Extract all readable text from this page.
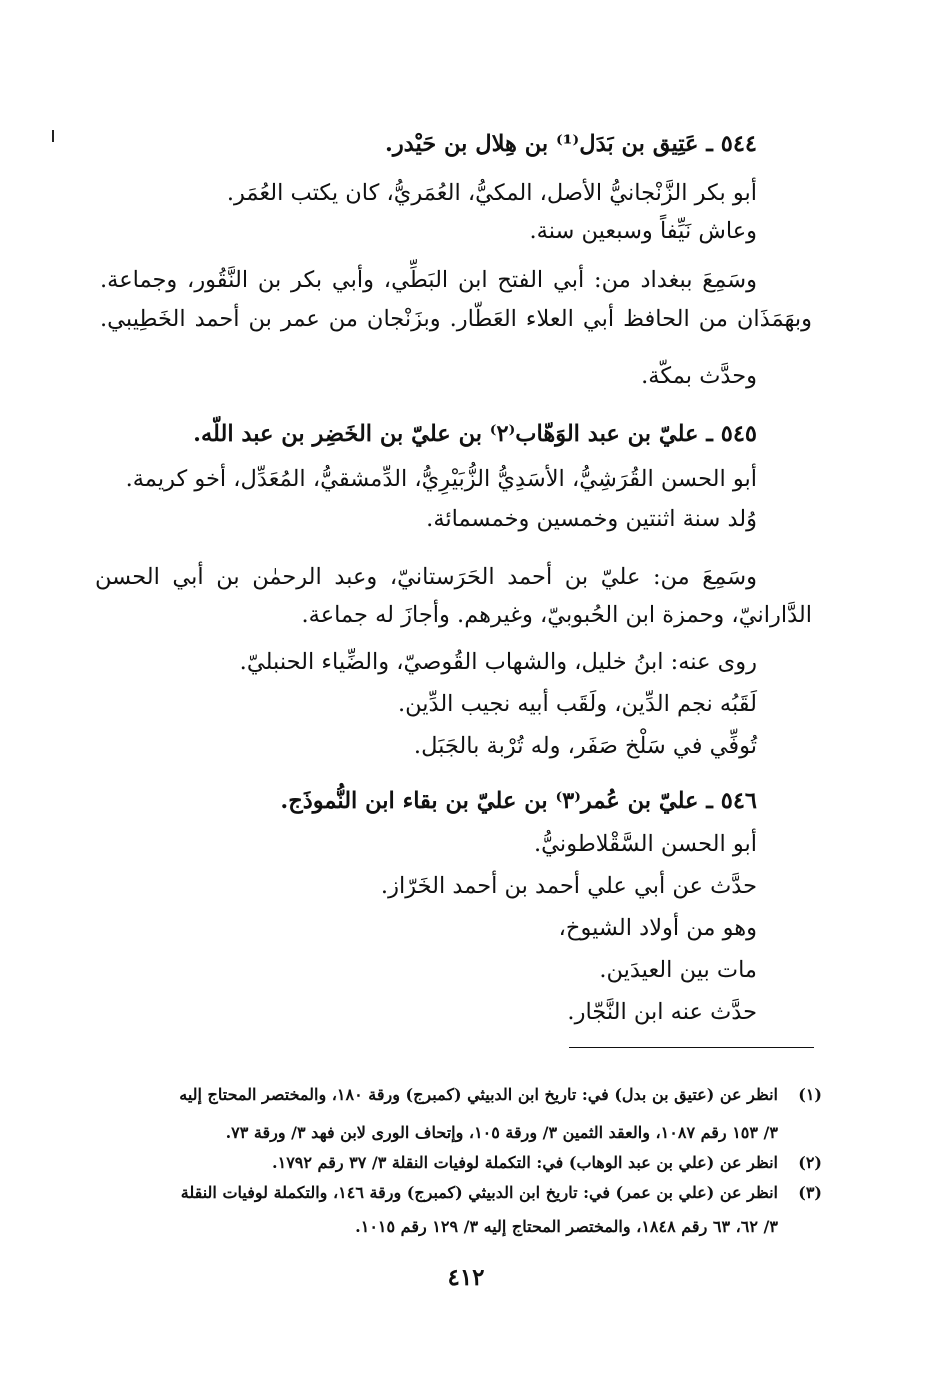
٥٤٤ ـ عَتِيق بن بَدَل⁽¹⁾ بن هِلال بن حَيْدر.
أبو بكر الزَّنْجانيُّ الأصل، المكيُّ، العُمَريُّ، كان يكتب العُمَر.
وعاش نَيِّفاً وسبعين سنة.
وسَمِعَ ببغداد من: أبي الفتح ابن البَطِّي، وأبي بكر بن النَّقُور، وجماعة.
وبهَمَذَان من الحافظ أبي العلاء العَطّار. وبزَنْجان من عمر بن أحمد الخَطِيبي.
وحدَّث بمكّة.
٥٤٥ ـ عليّ بن عبد الوَهّاب⁽٢⁾ بن عليّ بن الخَضِر بن عبد اللّه.
أبو الحسن القُرَشِيُّ، الأسَدِيُّ الزُّبَيْرِيُّ، الدِّمشقيُّ، المُعَدِّل، أخو كريمة.
وُلد سنة اثنتين وخمسين وخمسمائة.
وسَمِعَ من: عليّ بن أحمد الحَرَستانيّ، وعبد الرحمٰن بن أبي الحسن
الدَّارانيّ، وحمزة ابن الحُبوبيّ، وغيرهم. وأجازَ له جماعة.
روى عنه: ابنُ خليل، والشهاب القُوصيّ، والضِّياء الحنبليّ.
لَقَبُه نجم الدِّين، ولَقَب أبيه نجيب الدِّين.
تُوفِّي في سَلْخ صَفَر، وله تُرْبة بالجَبَل.
٥٤٦ ـ عليّ بن عُمر⁽٣⁾ بن عليّ بن بقاء ابن النُّموذَج.
أبو الحسن السَّقْلاطونيُّ.
حدَّث عن أبي علي أحمد بن أحمد الخَرّاز.
وهو من أولاد الشيوخ،
مات بين العيدَين.
حدَّث عنه ابن النَّجّار.
(١)انظر عن (عتيق بن بدل) في: تاريخ ابن الدبيثي (كمبرج) ورقة ١٨٠، والمختصر المحتاج إليه
٣/ ١٥٣ رقم ١٠٨٧، والعقد الثمين ٣/ ورقة ١٠٥، وإتحاف الورى لابن فهد ٣/ ورقة ٧٣.
(٢)انظر عن (علي بن عبد الوهاب) في: التكملة لوفيات النقلة ٣/ ٣٧ رقم ١٧٩٢.
(٣)انظر عن (علي بن عمر) في: تاريخ ابن الدبيثي (كمبرج) ورقة ١٤٦، والتكملة لوفيات النقلة
٣/ ٦٢، ٦٣ رقم ١٨٤٨، والمختصر المحتاج إليه ٣/ ١٢٩ رقم ١٠١٥.
٤١٢
